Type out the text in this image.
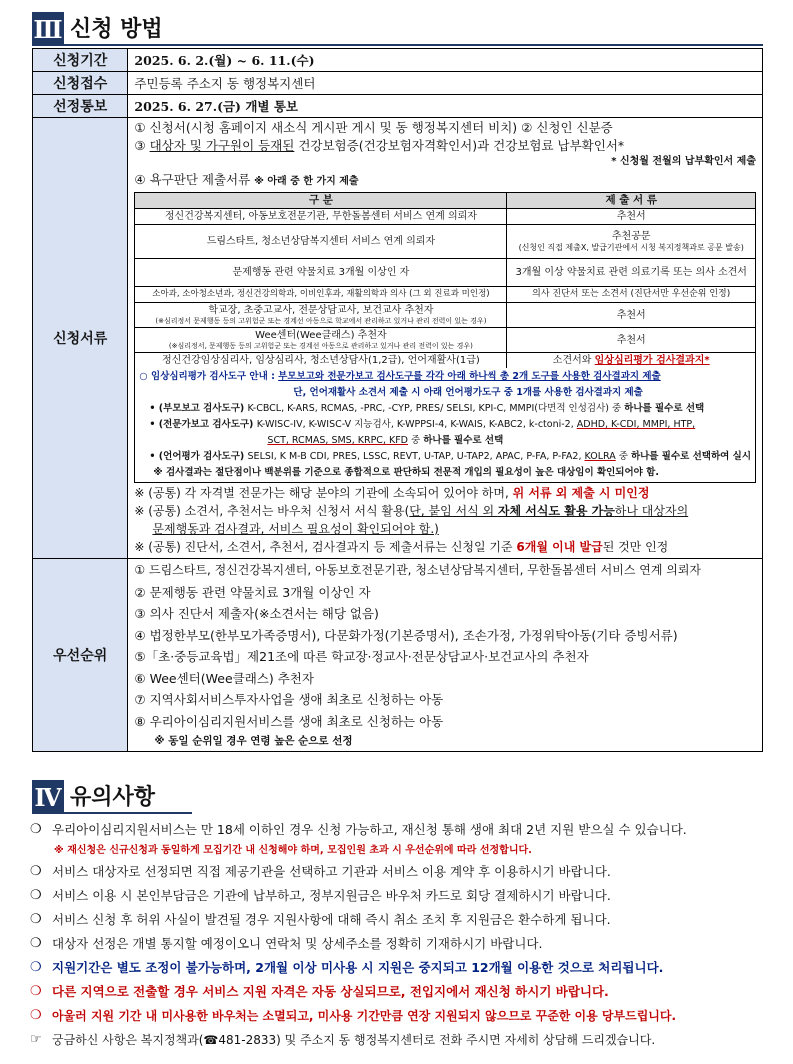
Ⅲ 신청 방법
신청기간	2025. 6. 2.(월) ~ 6. 11.(수)
신청접수	주민등록 주소지 동 행정복지센터
선정통보	2025. 6. 27.(금) 개별 통보
신청서류	
① 신청서(시청 홈페이지 새소식 게시판 게시 및 동 행정복지센터 비치) ② 신청인 신분증
③ 대상자 및 가구원이 등재된 건강보험증(건강보험자격확인서)과 건강보험료 납부확인서*
* 신청월 전월의 납부확인서 제출
④ 욕구판단 제출서류 ※ 아래 중 한 가지 제출
구 분	제 출 서 류
정신건강복지센터, 아동보호전문기관, 무한돌봄센터 서비스 연계 의뢰자	추천서
드림스타트, 청소년상담복지센터 서비스 연계 의뢰자	추천공문
(신청인 직접 제출X, 발급기관에서 시청 복지정책과로 공문 발송)

문제행동 관련 약물치료 3개월 이상인 자	3개월 이상 약물치료 관련 의료기록 또는 의사 소견서
소아과, 소아청소년과, 정신건강의학과, 이비인후과, 재활의학과 의사 (그 외 진료과 미인정)	의사 진단서 또는 소견서 (진단서만 우선순위 인정)

학교장, 초중고교사, 전문상담교사, 보건교사 추천자
(※심리정서 문제행동 등의 고위험군 또는 경계선 아동으로 학교에서 관리하고 있거나 관리 전력이 있는 경우)
	추천서

Wee센터(Wee클래스) 추천자
(※심리정서, 문제행동 등의 고위험군 또는 경계선 아동으로 관리하고 있거나 관리 전력이 있는 경우)
	추천서
정신건강임상심리사, 임상심리사, 청소년상담사(1,2급), 언어재활사(1급)	소견서와 임상심리평가 검사결과지*

○ 임상심리평가 검사도구 안내 : 부모보고와 전문가보고 검사도구를 각각 아래 하나씩 총 2개 도구를 사용한 검사결과지 제출
단, 언어재활사 소견서 제출 시 아래 언어평가도구 중 1개를 사용한 검사결과지 제출
• (부모보고 검사도구) K-CBCL, K-ARS, RCMAS, -PRC, -CYP, PRES/ SELSI, KPI-C, MMPI(다면적 인성검사) 중 하나를 필수로 선택
• (전문가보고 검사도구) K-WISC-IV, K-WISC-V 지능검사, K-WPPSI-4, K-WAIS, K-ABC2, k-ctoni-2, ADHD, K-CDI, MMPI, HTP,
SCT, RCMAS, SMS, KRPC, KFD 중 하나를 필수로 선택
• (언어평가 검사도구) SELSI, K M-B CDI, PRES, LSSC, REVT, U-TAP, U-TAP2, APAC, P-FA, P-FA2, KOLRA 중 하나를 필수로 선택하여 실시
※ 검사결과는 절단점이나 백분위를 기준으로 종합적으로 판단하되 전문적 개입의 필요성이 높은 대상임이 확인되어야 함.
※ (공통) 각 자격별 전문가는 해당 분야의 기관에 소속되어 있어야 하며, 위 서류 외 제출 시 미인정
※ (공통) 소견서, 추천서는 바우처 신청서 서식 활용(단, 붙임 서식 외 자체 서식도 활용 가능하나 대상자의
문제행동과 검사결과, 서비스 필요성이 확인되어야 함.)
※ (공통) 진단서, 소견서, 추천서, 검사결과지 등 제출서류는 신청일 기준 6개월 이내 발급된 것만 인정

우선순위	
① 드림스타트, 정신건강복지센터, 아동보호전문기관, 청소년상담복지센터, 무한돌봄센터 서비스 연계 의뢰자
② 문제행동 관련 약물치료 3개월 이상인 자
③ 의사 진단서 제출자(※소견서는 해당 없음)
④ 법정한부모(한부모가족증명서), 다문화가정(기본증명서), 조손가정, 가정위탁아동(기타 증빙서류)
⑤「초·중등교육법」제21조에 따른 학교장·정교사·전문상담교사·보건교사의 추천자
⑥ Wee센터(Wee클래스) 추천자
⑦ 지역사회서비스투자사업을 생애 최초로 신청하는 아동
⑧ 우리아이심리지원서비스를 생애 최초로 신청하는 아동
※ 동일 순위일 경우 연령 높은 순으로 선정
Ⅳ 유의사항
❍ 우리아이심리지원서비스는 만 18세 이하인 경우 신청 가능하고, 재신청 통해 생애 최대 2년 지원 받으실 수 있습니다.
※ 재신청은 신규신청과 동일하게 모집기간 내 신청해야 하며, 모집인원 초과 시 우선순위에 따라 선정합니다.
❍ 서비스 대상자로 선정되면 직접 제공기관을 선택하고 기관과 서비스 이용 계약 후 이용하시기 바랍니다.
❍ 서비스 이용 시 본인부담금은 기관에 납부하고, 정부지원금은 바우처 카드로 회당 결제하시기 바랍니다.
❍ 서비스 신청 후 허위 사실이 발견될 경우 지원사항에 대해 즉시 취소 조치 후 지원금은 환수하게 됩니다.
❍ 대상자 선정은 개별 통지할 예정이오니 연락처 및 상세주소를 정확히 기재하시기 바랍니다.
❍ 지원기간은 별도 조정이 불가능하며, 2개월 이상 미사용 시 지원은 중지되고 12개월 이용한 것으로 처리됩니다.
❍ 다른 지역으로 전출할 경우 서비스 지원 자격은 자동 상실되므로, 전입지에서 재신청 하시기 바랍니다.
❍ 아울러 지원 기간 내 미사용한 바우처는 소멸되고, 미사용 기간만큼 연장 지원되지 않으므로 꾸준한 이용 당부드립니다.
☞ 궁금하신 사항은 복지정책과(☎481-2833) 및 주소지 동 행정복지센터로 전화 주시면 자세히 상담해 드리겠습니다.
